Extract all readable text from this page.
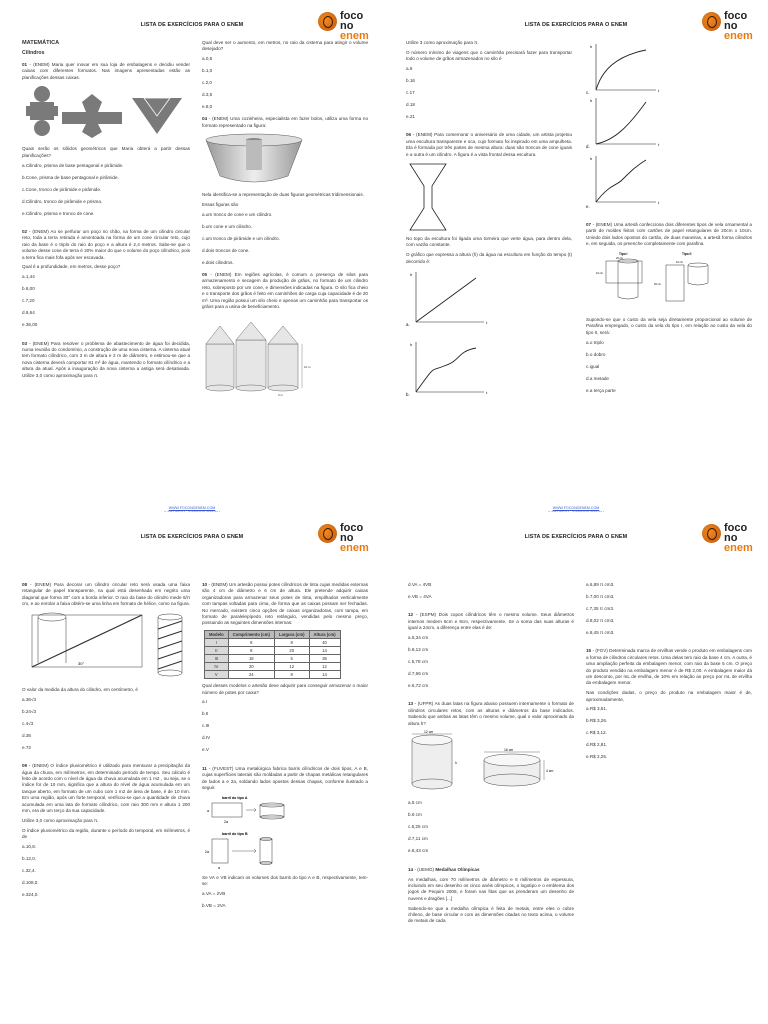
LISTA DE EXERCÍCIOS PARA O ENEM
foco
no enem

MATEMÁTICA

Cilindros

01 - (ENEM) Maria quer inovar em sua loja de embalagens e decidiu vender caixas com diferentes formatos. Nas imagens apresentadas estão as planificações dessas caixas.

Quais serão os sólidos geométricos que Maria obterá a partir dessas planificações?

a.Cilindro, prisma de base pentagonal e pirâmide.

b.Cone, prisma de base pentagonal e pirâmide.

c.Cone, tronco de pirâmide e pirâmide.

d.Cilindro, tronco de pirâmide e prisma.

e.Cilindro, prisma e tronco de cone.

02 - (ENEM) Ao se perfurar um poço no chão, na forma de um cilindro circular reto, toda a terra retirada é amontoada na forma de um cone circular reto, cujo raio da base é o triplo do raio do poço e a altura é 2,4 metros. Sabe-se que o volume desse cone de terra é 20% maior do que o volume do poço cilíndrico, pois a terra fica mais fofa após ser escavada.

Qual é a profundidade, em metros, desse poço?

a.1,44

b.6,00

c.7,20

d.8,64

e.36,00

03 - (ENEM) Para resolver o problema de abastecimento de água foi decidida, numa reunião do condomínio, a construção de uma nova cisterna. A cisterna atual tem formato cilíndrico, com 3 m de altura e 2 m de diâmetro, e estimou-se que a nova cisterna deverá comportar 81 m³ de água, mantendo o formato cilíndrico e a altura da atual. Após a inauguração da nova cisterna a antiga será desativada. Utilize 3,0 como aproximação para π.

Qual deve ser o aumento, em metros, no raio da cisterna para atingir o volume desejado?

a.0,5

b.1,0

c.2,0

d.3,5

e.8,0

04 - (ENEM) Uma cozinheira, especialista em fazer bolos, utiliza uma forma no formato representado na figura:

Nela identifica-se a representação de duas figuras geométricas tridimensionais.

Essas figuras são

a.um tronco de cone e um cilindro.

b.um cone e um cilindro.

c.um tronco de pirâmide e um cilindro.

d.dois troncos de cone.

e.dois cilindros.

05 - (ENEM) Em regiões agrícolas, é comum a presença de silos para armazenamento e secagem da produção de grãos, no formato de um cilindro reto, sobreposto por um cone, e dimensões indicadas na figura. O silo fica cheio e o transporte dos grãos é feito em caminhões de carga cuja capacidade é de 20 m³. Uma região possui um silo cheio e apenas um caminhão para transportar os grãos para a usina de beneficiamento.

10 m
3 m
WWW.FOCONOENEM.COM
LISTA DE EXERCÍCIOS PARA O ENEM
foco
no enem

Utilize 3 como aproximação para π.

O número mínimo de viagens que o caminhão precisará fazer para transportar todo o volume de grãos armazenados no silo é

a.6

b.16

c.17

d.18

e.21

06 - (ENEM) Para comemorar o aniversário de uma cidade, um artista projetou uma escultura transparente e oca, cujo formato foi inspirado em uma ampulheta. Ela é formada por três partes de mesma altura: duas são troncos de cone iguais e a outra é um cilindro. A figura é a vista frontal dessa escultura.

No topo da escultura foi ligada uma torneira que verte água, para dentro dela, com vazão constante.

O gráfico que expressa a altura (h) da água na escultura em função do tempo (t) decorrido é:

h
t
h
t
a.
b.
h
t
h
t
h
t
c.
d.
e.

07 - (ENEM) Uma artesã confecciona dois diferentes tipos de vela ornamental a partir de moldes feitos com cartões de papel retangulares de 20cm x 10cm. Unindo dois lados opostos do cartão, de duas maneiras, a artesã forma cilindros e, em seguida, os preenche completamente com parafina.

Tipo I	Tipo II
20 cm
10 cm
10 cm
20 cm

Supondo-se que o custo da vela seja diretamente proporcional ao volume de Parafina empregado, o custo da vela do tipo I, em relação ao custo da vela do tipo II, será:

a.o triplo

b.o dobro

c.igual

d.a metade

e.a terça parte

WWW.FOCONOENEM.COM
LISTA DE EXERCÍCIOS PARA O ENEM
foco
no enem

08 - (ENEM) Para decorar um cilindro circular reto será usada uma faixa retangular de papel transparente, na qual está desenhada em negrito uma diagonal que forma 30° com a borda inferior. O raio da base do cilindro mede 6/π cm, e ao enrolar a faixa obtém-se uma linha em formato de hélice, como na figura.

30°

O valor da medida da altura do cilindro, em centímetro, é

a.36√3

b.24√3

c.4√3

d.36

e.72

09 - (ENEM) O índice pluviométrico é utilizado para mensurar a precipitação da água da chuva, em milímetros, em determinado período de tempo. Seu cálculo é feito de acordo com o nível de água da chuva acumulada em 1 m2 , ou seja, se o índice for de 10 mm, significa que a altura do nível de água acumulada em um tanque aberto, em formato de um cubo com 1 m2 de área de base, é de 10 mm. Em uma região, após um forte temporal, verificou-se que a quantidade de chuva acumulada em uma lata de formato cilíndrico, com raio 300 mm e altura 1 200 mm, era de um terço da sua capacidade.

Utilize 3,0 como aproximação para π.

O índice pluviométrico da região, durante o período do temporal, em milímetros, é de

a.10,8.

b.12,0.

c.32,4.

d.108,0.

e.324,0.

10 - (ENEM) Um artesão possui potes cilíndricos de tinta cujas medidas externas são 4 cm de diâmetro e 6 cm de altura. Ele pretende adquirir caixas organizadoras para armazenar seus potes de tinta, empilhados verticalmente com tampas voltadas para cima, de forma que as caixas possam ser fechadas. No mercado, existem cinco opções de caixas organizadoras, com tampa, em formato de paralelepípedo reto retângulo, vendidas pelo mesmo preço, possuindo as seguintes dimensões internas:

Modelo	Comprimento (cm)	Largura (cm)	Altura (cm)
I	8	8	40
II	8	20	14
III	18	5	35
IV	20	12	12
V	24	8	14

Qual desses modelos o artesão deve adquirir para conseguir armazenar o maior número de potes por caixa?

a.I

b.II

c.III

d.IV

e.V

11 - (FUVEST) Uma metalúrgica fabrica barris cilíndricos de dois tipos, A e B, cujas superfícies laterais são moldadas a partir de chapas metálicas retangulares de lados a e 2a, soldando lados opostos dessas chapas, conforme ilustrado a seguir.

barril do tipo A
barril do tipo B
a
2a
2a
a

Se VA e VB indicam os volumes dos barris do tipo A e B, respectivamente, tem-se:

a.VA = 2VB

b.VB = 2VA

LISTA DE EXERCÍCIOS PARA O ENEM
foco
no enem

d.VA = 4VB

e.VB = 4VA

12 - (ESPM) Dois copos cilíndricos têm o mesmo volume. Seus diâmetros internos medem 6cm e 8cm, respectivamente. Se a soma das suas alturas é igual a 24cm, a diferença entre elas é de:

a.5,34 cm

b.8,12 cm

c.5,78 cm

d.7,66 cm

e.6,72 cm

13 - (UFPR) As duas latas na figura abaixo possuem internamente o formato de cilindros circulares retos, com as alturas e diâmetros da base indicados. Sabendo que ambas as latas têm o mesmo volume, qual o valor aproximado da altura h?

12 cm
16 cm
h
4 cm

a.5 cm

b.6 cm

c.6,25 cm

d.7,11 cm

e.8,43 cm

14 - (UEMG) Medalhas Olímpicas

As medalhas, com 70 milímetros de diâmetro e 6 milímetros de espessura, incluindo em seu desenho os cinco anéis olímpicos, o logotipo e o emblema dos jogos de Pequim 2008, e foram nas fitas que as prenderam um desenho de nuvens e dragões [...]

Sabendo-se que a medalha olímpica é feita de metais, entre eles o cobre chileno, de base circular e com as dimensões citadas no texto acima, o volume de metais de cada

a.6,89 π cm3.

b.7,00 π cm3.

c.7,35 π cm3.

d.8,02 π cm3.

e.8,45 π cm3.

15 - (FGV) Determinada marca de ervilhas vende o produto em embalagens com a forma de cilindros circulares retos. Uma delas tem raio da base 4 cm. A outra, é uma ampliação perfeita da embalagem menor, com raio da base 5 cm. O preço do produto vendido na embalagem menor é de R$ 2,00. A embalagem maior dá um desconto, por mL de ervilha, de 10% em relação ao preço por mL de ervilha da embalagem menor.

Nas condições dadas, o preço do produto na embalagem maior é de, aproximadamente,

a.R$ 3,51.

b.R$ 3,26.

c.R$ 3,12.

d.R$ 2,81.

e.R$ 2,25.
